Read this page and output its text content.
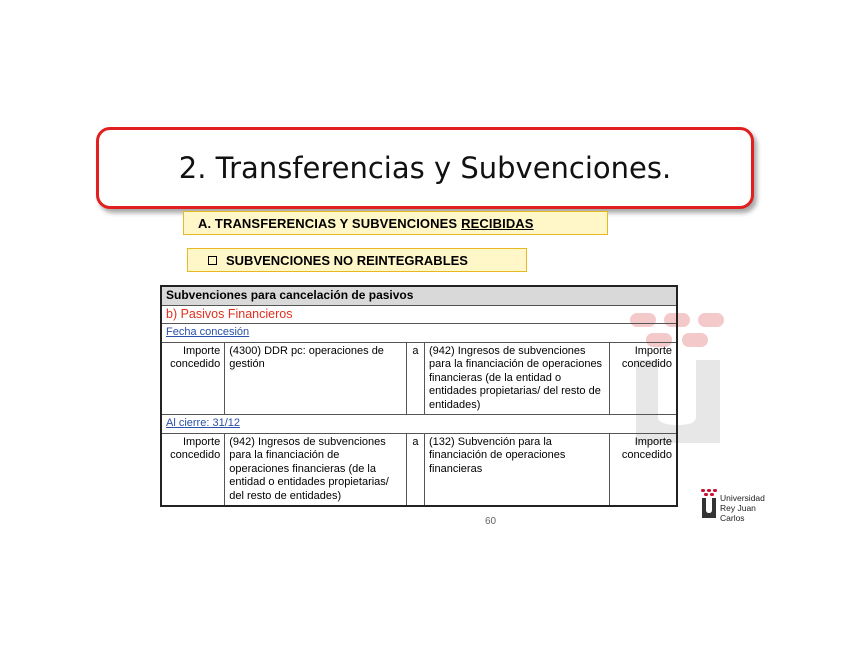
2. Transferencias y Subvenciones.
A. TRANSFERENCIAS Y SUBVENCIONES RECIBIDAS
SUBVENCIONES NO REINTEGRABLES
Subvenciones para cancelación de pasivos				
b) Pasivos Financieros				
Fecha concesión				
Importe concedido	(4300) DDR pc: operaciones de gestión	a	(942) Ingresos de subvenciones para la financiación de operaciones financieras (de la entidad o entidades propietarias/ del resto de entidades)	Importe concedido
Al cierre: 31/12				
Importe concedido	(942) Ingresos de subvenciones para la financiación de operaciones financieras (de la entidad o entidades propietarias/ del resto de entidades)	a	(132) Subvención para la financiación de operaciones financieras	Importe concedido
60
Universidad
Rey Juan Carlos
